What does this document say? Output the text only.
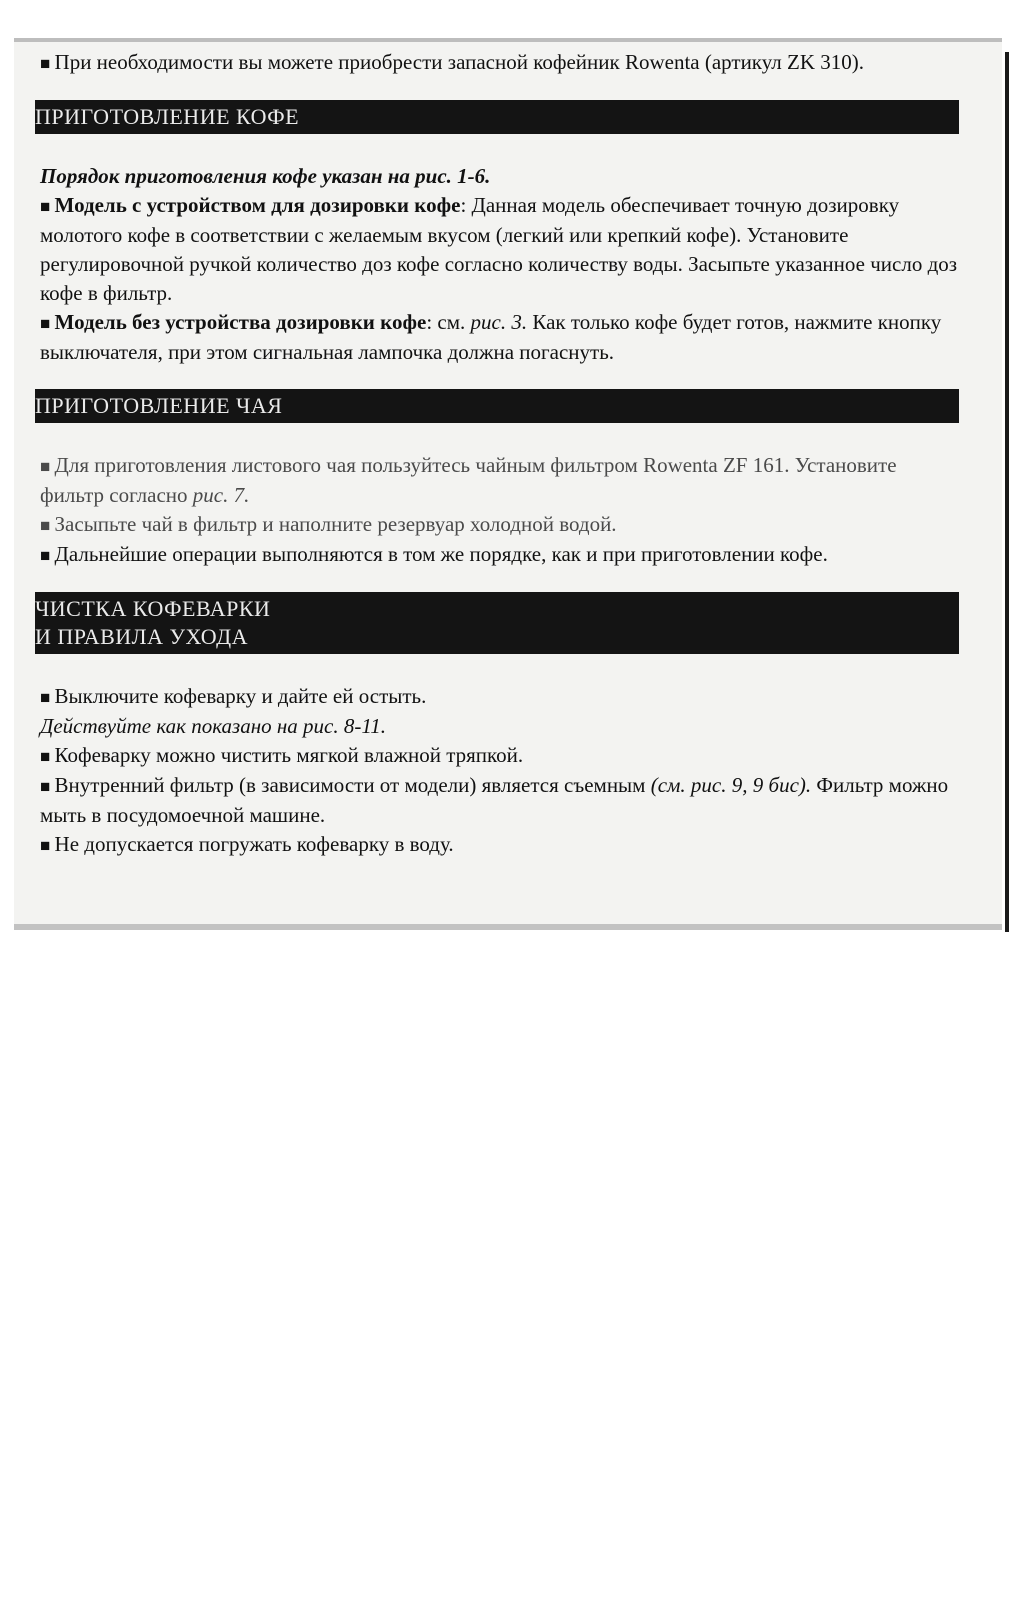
■ При необходимости вы можете приобрести запасной кофейник Rowenta (артикул ZK 310).

ПРИГОТОВЛЕНИЕ КОФЕ

Порядок приготовления кофе указан на рис. 1-6.

■ Модель с устройством для дозировки кофе: Данная модель обеспечивает точную дозировку молотого кофе в соответствии с желаемым вкусом (легкий или крепкий кофе). Установите регулировочной ручкой количество доз кофе согласно количеству воды. Засыпьте указанное число доз кофе в фильтр.

■ Модель без устройства дозировки кофе: см. рис. 3. Как только кофе будет готов, нажмите кнопку выключателя, при этом сигнальная лампочка должна погаснуть.

ПРИГОТОВЛЕНИЕ ЧАЯ

■ Для приготовления листового чая пользуйтесь чайным фильтром Rowenta ZF 161. Установите фильтр согласно рис. 7.

■ Засыпьте чай в фильтр и наполните резервуар холодной водой.

■ Дальнейшие операции выполняются в том же порядке, как и при приготовлении кофе.

ЧИСТКА КОФЕВАРКИ
И ПРАВИЛА УХОДА

■ Выключите кофеварку и дайте ей остыть.

Действуйте как показано на рис. 8-11.

■ Кофеварку можно чистить мягкой влажной тряпкой.

■ Внутренний фильтр (в зависимости от модели) является съемным (см. рис. 9, 9 бис). Фильтр можно мыть в посудомоечной машине.

■ Не допускается погружать кофеварку в воду.
